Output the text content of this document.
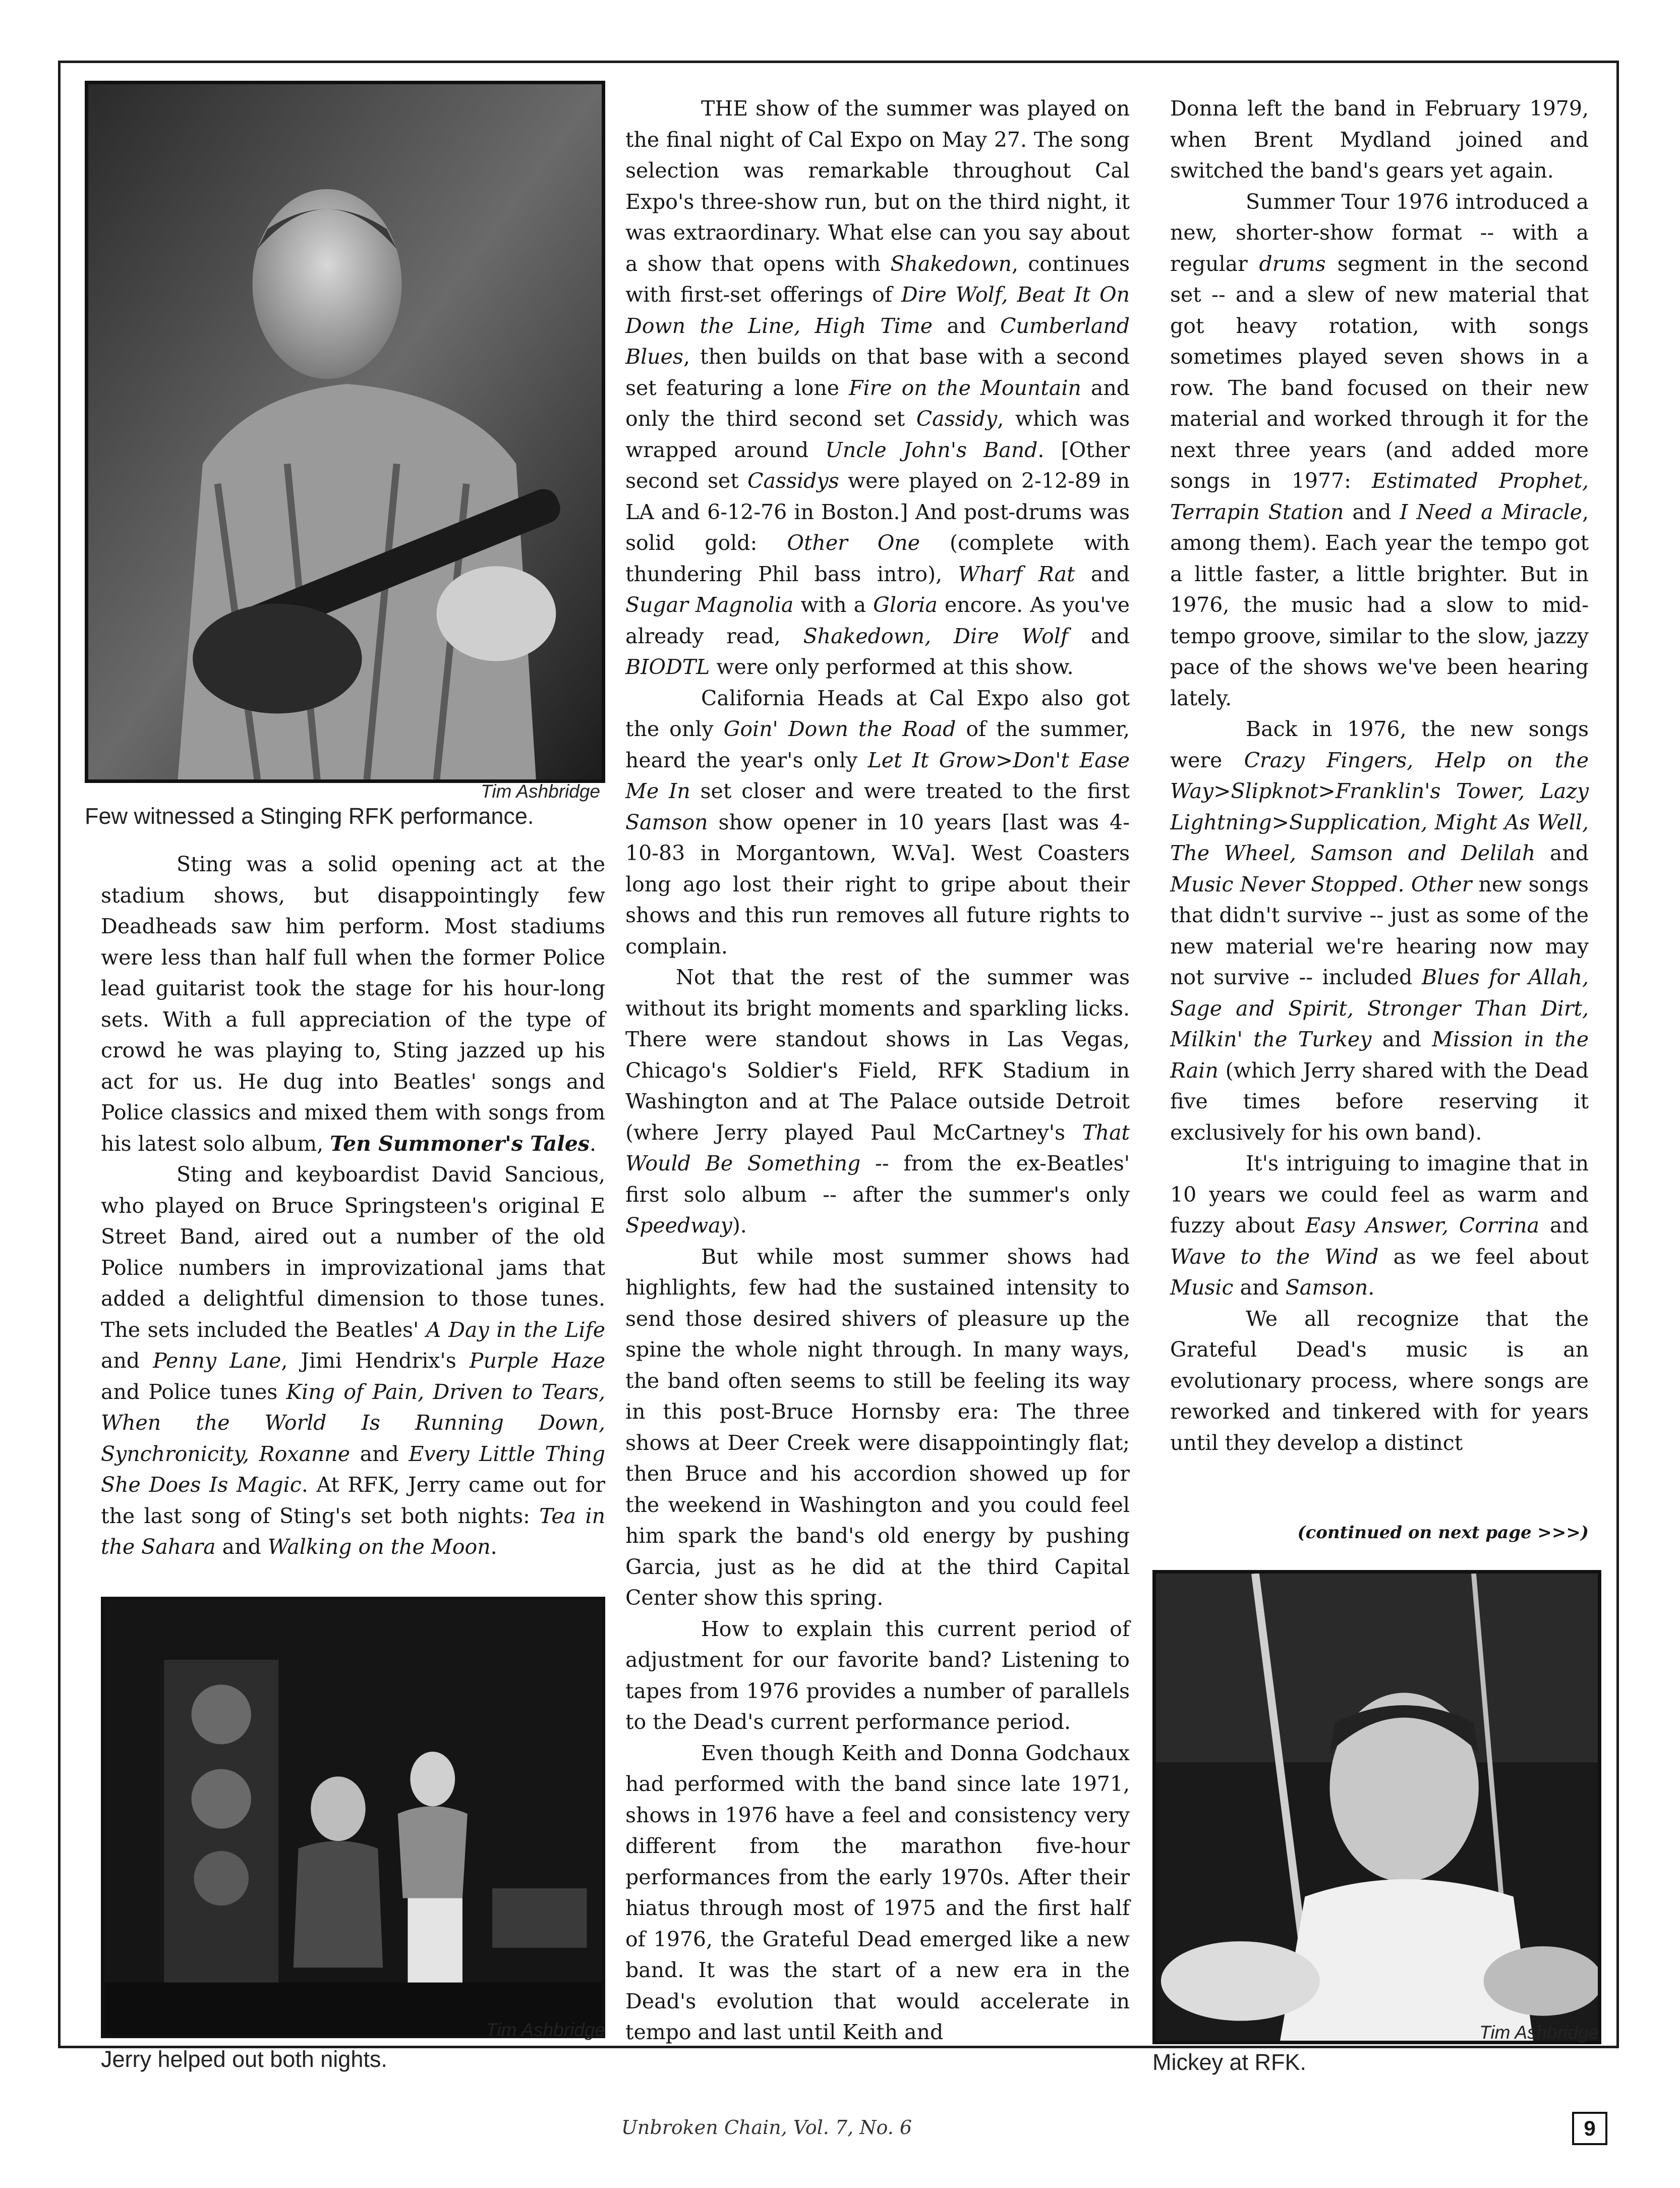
Tim Ashbridge
Few witnessed a Stinging RFK performance.
Tim Ashbridge
Jerry helped out both nights.
Tim Ashbridge
Mickey at RFK.

Sting was a solid opening act at the stadium shows, but disappointingly few Deadheads saw him perform. Most stadiums were less than half full when the former Police lead guitarist took the stage for his hour-long sets. With a full appreciation of the type of crowd he was playing to, Sting jazzed up his act for us. He dug into Beatles' songs and Police classics and mixed them with songs from his latest solo album, Ten Summoner's Tales.

Sting and keyboardist David Sancious, who played on Bruce Springsteen's original E Street Band, aired out a number of the old Police numbers in improvizational jams that added a delightful dimension to those tunes. The sets included the Beatles' A Day in the Life and Penny Lane, Jimi Hendrix's Purple Haze and Police tunes King of Pain, Driven to Tears, When the World Is Running Down, Synchronicity, Roxanne and Every Little Thing She Does Is Magic. At RFK, Jerry came out for the last song of Sting's set both nights: Tea in the Sahara and Walking on the Moon.

THE show of the summer was played on the final night of Cal Expo on May 27. The song selection was remarkable throughout Cal Expo's three-show run, but on the third night, it was extraordinary. What else can you say about a show that opens with Shakedown, continues with first-set offerings of Dire Wolf, Beat It On Down the Line, High Time and Cumberland Blues, then builds on that base with a second set featuring a lone Fire on the Mountain and only the third second set Cassidy, which was wrapped around Uncle John's Band. [Other second set Cassidys were played on 2-12-89 in LA and 6-12-76 in Boston.] And post-drums was solid gold: Other One (complete with thundering Phil bass intro), Wharf Rat and Sugar Magnolia with a Gloria encore. As you've already read, Shakedown, Dire Wolf and BIODTL were only performed at this show.

California Heads at Cal Expo also got the only Goin' Down the Road of the summer, heard the year's only Let It Grow>Don't Ease Me In set closer and were treated to the first Samson show opener in 10 years [last was 4-10-83 in Morgantown, W.Va]. West Coasters long ago lost their right to gripe about their shows and this run removes all future rights to complain.

Not that the rest of the summer was without its bright moments and sparkling licks. There were standout shows in Las Vegas, Chicago's Soldier's Field, RFK Stadium in Washington and at The Palace outside Detroit (where Jerry played Paul McCartney's That Would Be Something -- from the ex-Beatles' first solo album -- after the summer's only Speedway).

But while most summer shows had highlights, few had the sustained intensity to send those desired shivers of pleasure up the spine the whole night through. In many ways, the band often seems to still be feeling its way in this post-Bruce Hornsby era: The three shows at Deer Creek were disappointingly flat; then Bruce and his accordion showed up for the weekend in Washington and you could feel him spark the band's old energy by pushing Garcia, just as he did at the third Capital Center show this spring.

How to explain this current period of adjustment for our favorite band? Listening to tapes from 1976 provides a number of parallels to the Dead's current performance period.

Even though Keith and Donna Godchaux had performed with the band since late 1971, shows in 1976 have a feel and consistency very different from the marathon five-hour performances from the early 1970s. After their hiatus through most of 1975 and the first half of 1976, the Grateful Dead emerged like a new band. It was the start of a new era in the Dead's evolution that would accelerate in tempo and last until Keith and

Donna left the band in February 1979, when Brent Mydland joined and switched the band's gears yet again.

Summer Tour 1976 introduced a new, shorter-show format -- with a regular drums segment in the second set -- and a slew of new material that got heavy rotation, with songs sometimes played seven shows in a row. The band focused on their new material and worked through it for the next three years (and added more songs in 1977: Estimated Prophet, Terrapin Station and I Need a Miracle, among them). Each year the tempo got a little faster, a little brighter. But in 1976, the music had a slow to mid-tempo groove, similar to the slow, jazzy pace of the shows we've been hearing lately.

Back in 1976, the new songs were Crazy Fingers, Help on the Way>Slipknot>Franklin's Tower, Lazy Lightning>Supplication, Might As Well, The Wheel, Samson and Delilah and Music Never Stopped. Other new songs that didn't survive -- just as some of the new material we're hearing now may not survive -- included Blues for Allah, Sage and Spirit, Stronger Than Dirt, Milkin' the Turkey and Mission in the Rain (which Jerry shared with the Dead five times before reserving it exclusively for his own band).

It's intriguing to imagine that in 10 years we could feel as warm and fuzzy about Easy Answer, Corrina and Wave to the Wind as we feel about Music and Samson.

We all recognize that the Grateful Dead's music is an evolutionary process, where songs are reworked and tinkered with for years until they develop a distinct

(continued on next page >>>)
Unbroken Chain, Vol. 7, No. 6	9
